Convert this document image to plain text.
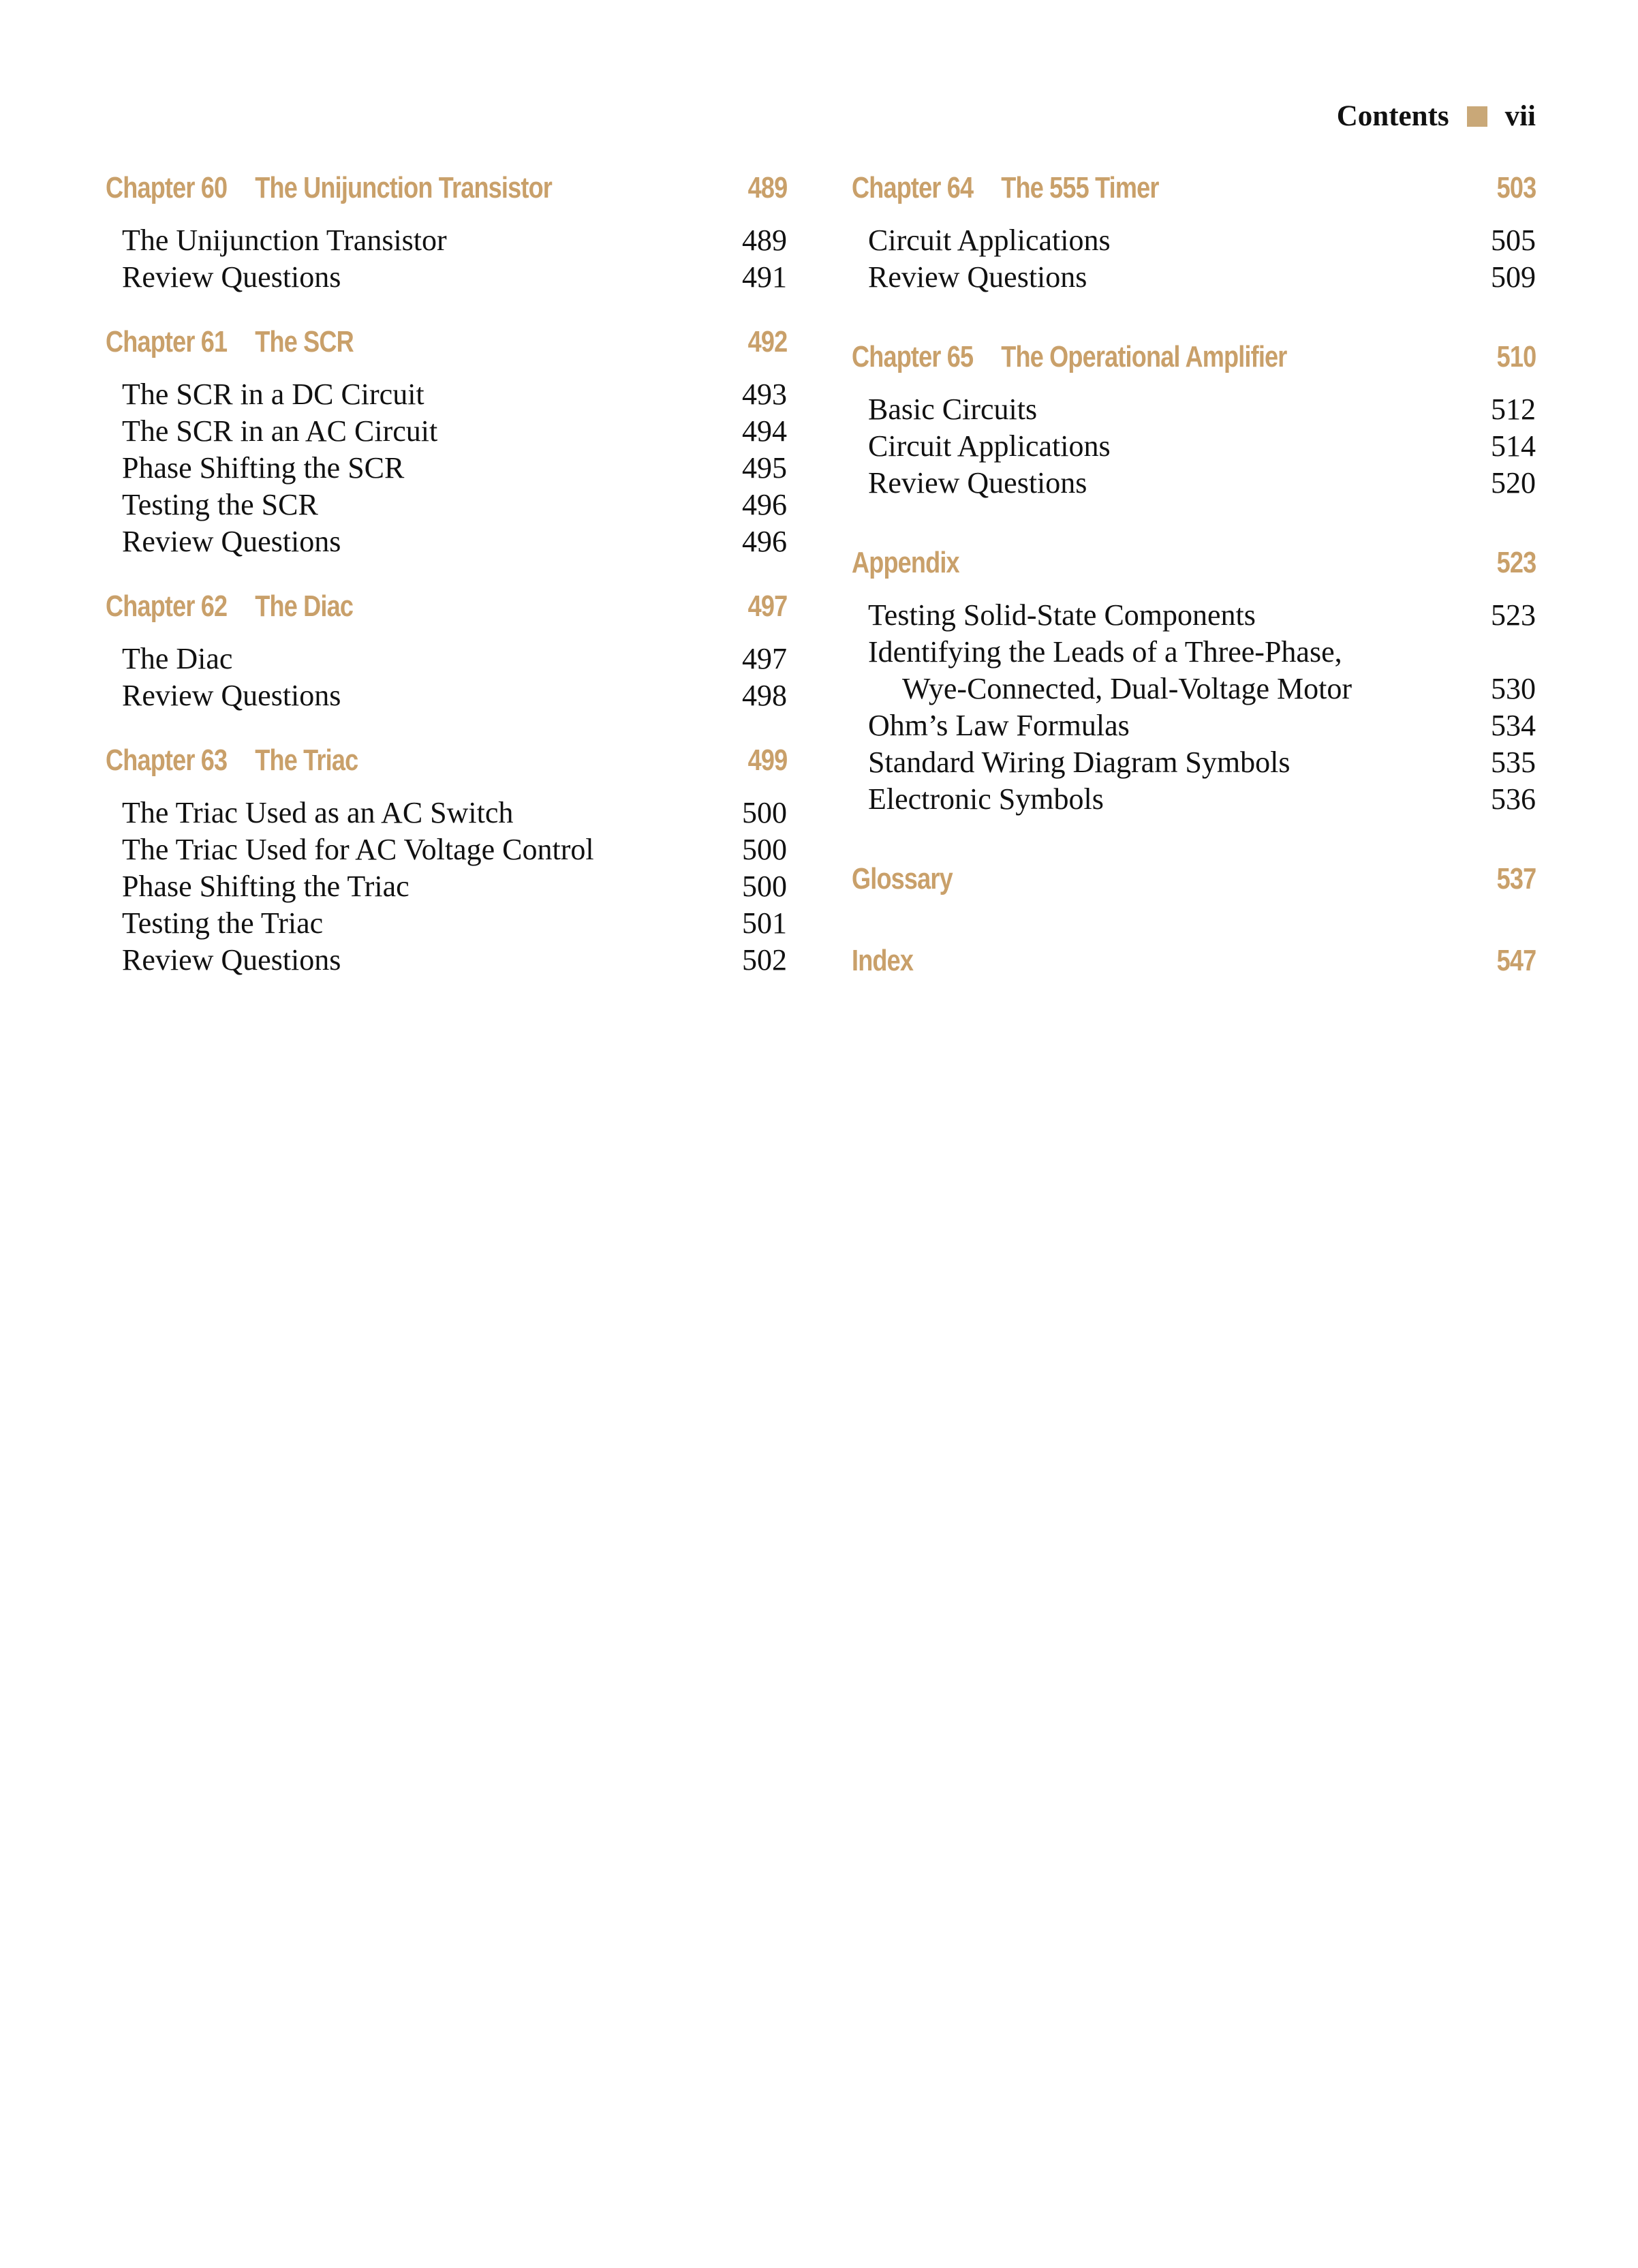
Contents vii
Chapter 60 The Unijunction Transistor	489
The Unijunction Transistor	489
Review Questions	491
Chapter 61 The SCR	492
The SCR in a DC Circuit	493
The SCR in an AC Circuit	494
Phase Shifting the SCR	495
Testing the SCR	496
Review Questions	496
Chapter 62 The Diac	497
The Diac	497
Review Questions	498
Chapter 63 The Triac	499
The Triac Used as an AC Switch	500
The Triac Used for AC Voltage Control	500
Phase Shifting the Triac	500
Testing the Triac	501
Review Questions	502
Chapter 64 The 555 Timer	503
Circuit Applications	505
Review Questions	509
Chapter 65 The Operational Amplifier	510
Basic Circuits	512
Circuit Applications	514
Review Questions	520
Appendix	523
Testing Solid-State Components	523
Identifying the Leads of a Three-Phase,
Wye-Connected, Dual-Voltage Motor	530
Ohm’s Law Formulas	534
Standard Wiring Diagram Symbols	535
Electronic Symbols	536
Glossary	537
Index	547
